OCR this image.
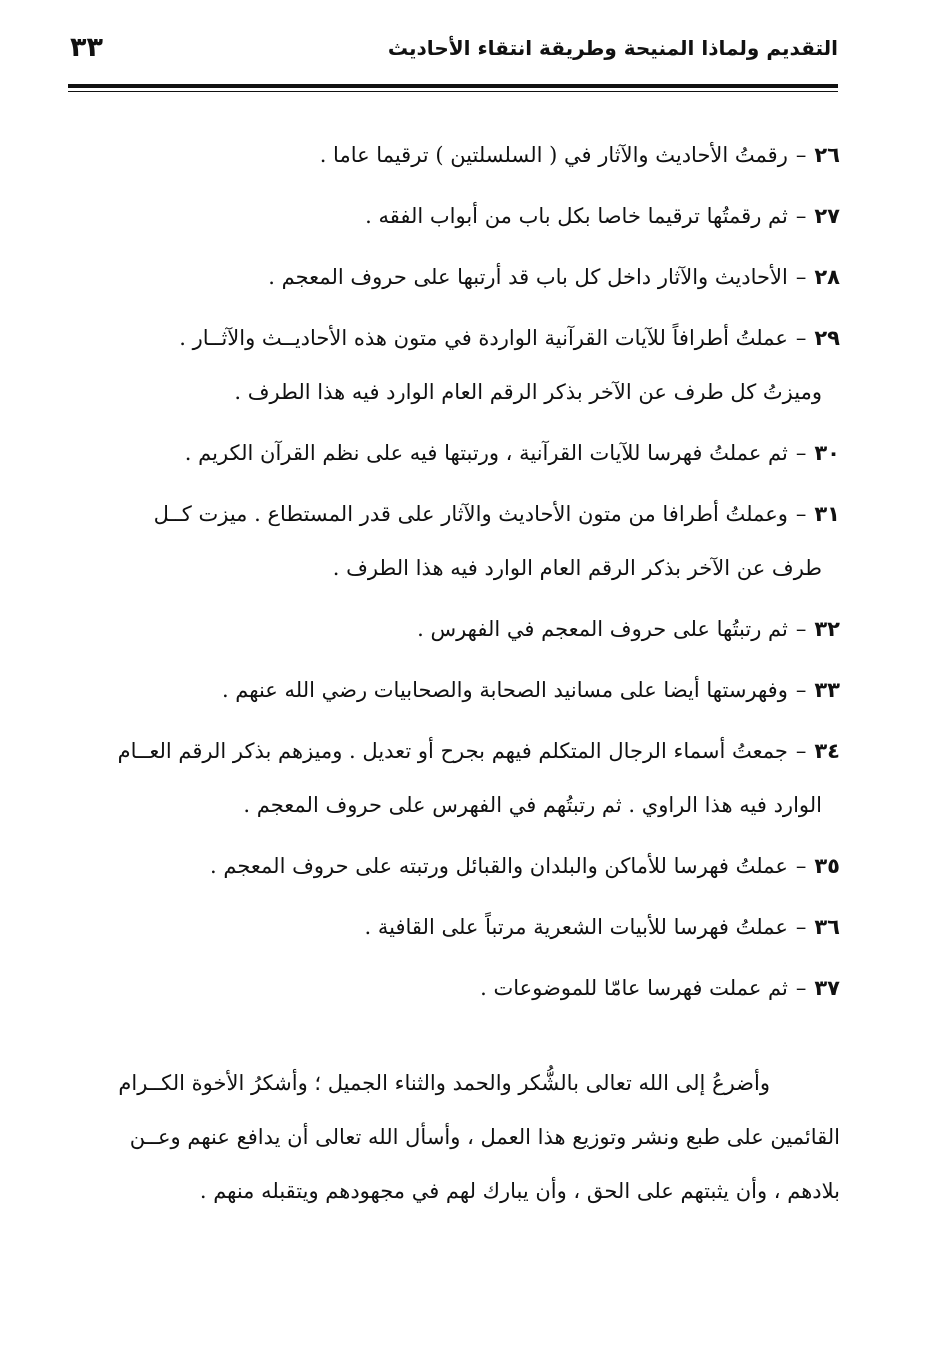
٣٣	التقديم ولماذا المنيحة وطريقة انتقاء الأحاديث
٢٦–رقمتُ الأحاديث والآثار في ( السلسلتين ) ترقيما عاما .
٢٧–ثم رقمتُها ترقيما خاصا بكل باب من أبواب الفقه .
٢٨–الأحاديث والآثار داخل كل باب قد أرتبها على حروف المعجم .
٢٩–عملتُ أطرافاً للآيات القرآنية الواردة في متون هذه الأحاديــث والآثــار .
وميزتُ كل طرف عن الآخر بذكر الرقم العام الوارد فيه هذا الطرف .
٣٠–ثم عملتُ فهرسا للآيات القرآنية ، ورتبتها فيه على نظم القرآن الكريم .
٣١–وعملتُ أطرافا من متون الأحاديث والآثار على قدر المستطاع . ميزت كــل
طرف عن الآخر بذكر الرقم العام الوارد فيه هذا الطرف .
٣٢–ثم رتبتُها على حروف المعجم في الفهرس .
٣٣–وفهرستها أيضا على مسانيد الصحابة والصحابيات رضي الله عنهم .
٣٤–جمعتُ أسماء الرجال المتكلم فيهم بجرح أو تعديل . وميزهم بذكر الرقم العــام
الوارد فيه هذا الراوي . ثم رتبتُهم في الفهرس على حروف المعجم .
٣٥–عملتُ فهرسا للأماكن والبلدان والقبائل ورتبته على حروف المعجم .
٣٦–عملتُ فهرسا للأبيات الشعرية مرتباً على القافية .
٣٧–ثم عملت فهرسا عامّا للموضوعات .
وأضرعُ إلى الله تعالى بالشُّكر والحمد والثناء الجميل ؛ وأشكرُ الأخوة الكــرام
القائمين على طبع ونشر وتوزيع هذا العمل ، وأسأل الله تعالى أن يدافع عنهم وعــن
بلادهم ، وأن يثبتهم على الحق ، وأن يبارك لهم في مجهودهم ويتقبله منهم .
